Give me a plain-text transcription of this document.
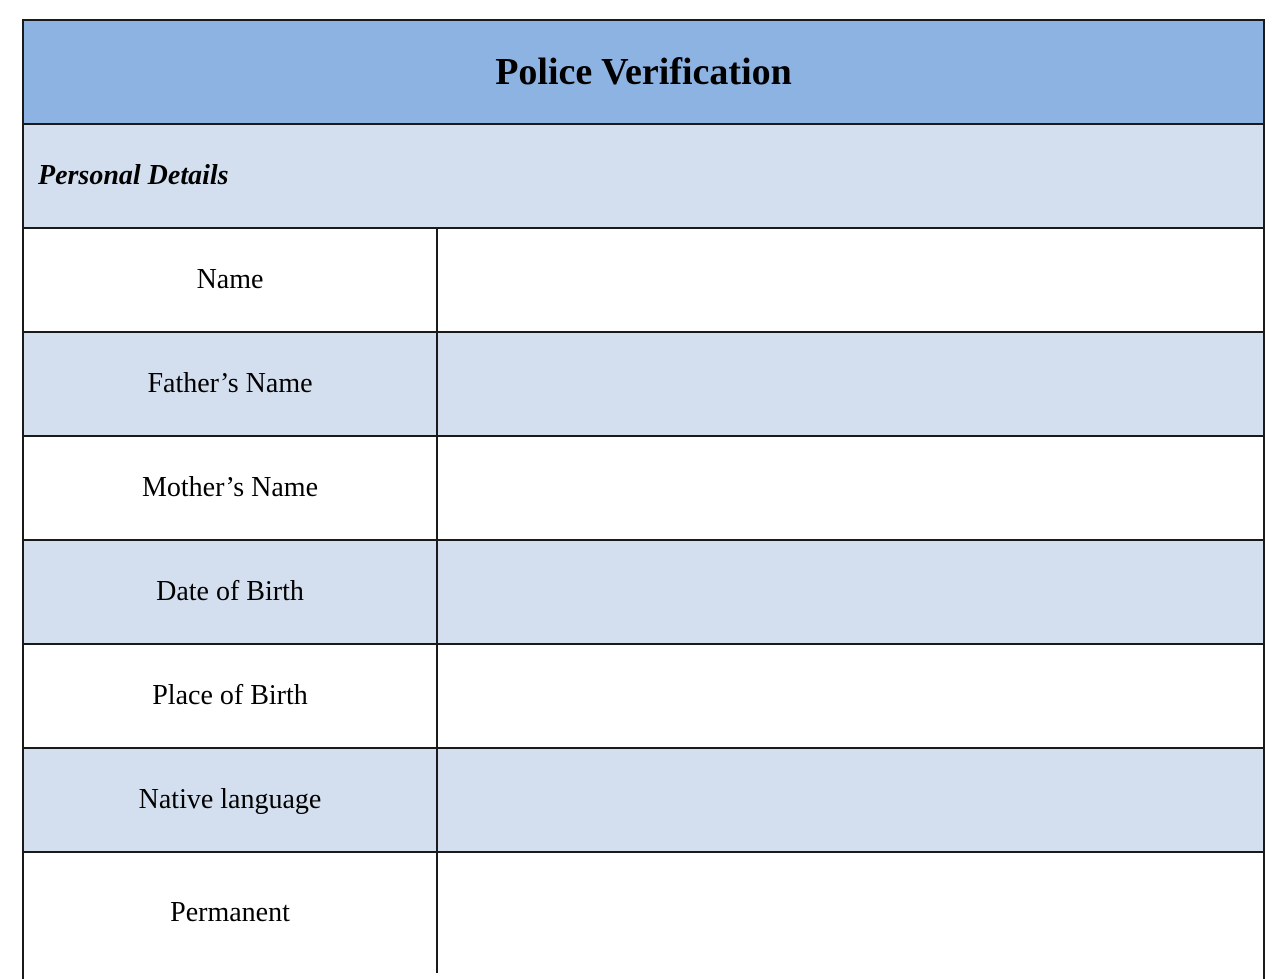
Police Verification
Personal Details
Name
Father’s Name
Mother’s Name
Date of Birth
Place of Birth
Native language
Permanent
